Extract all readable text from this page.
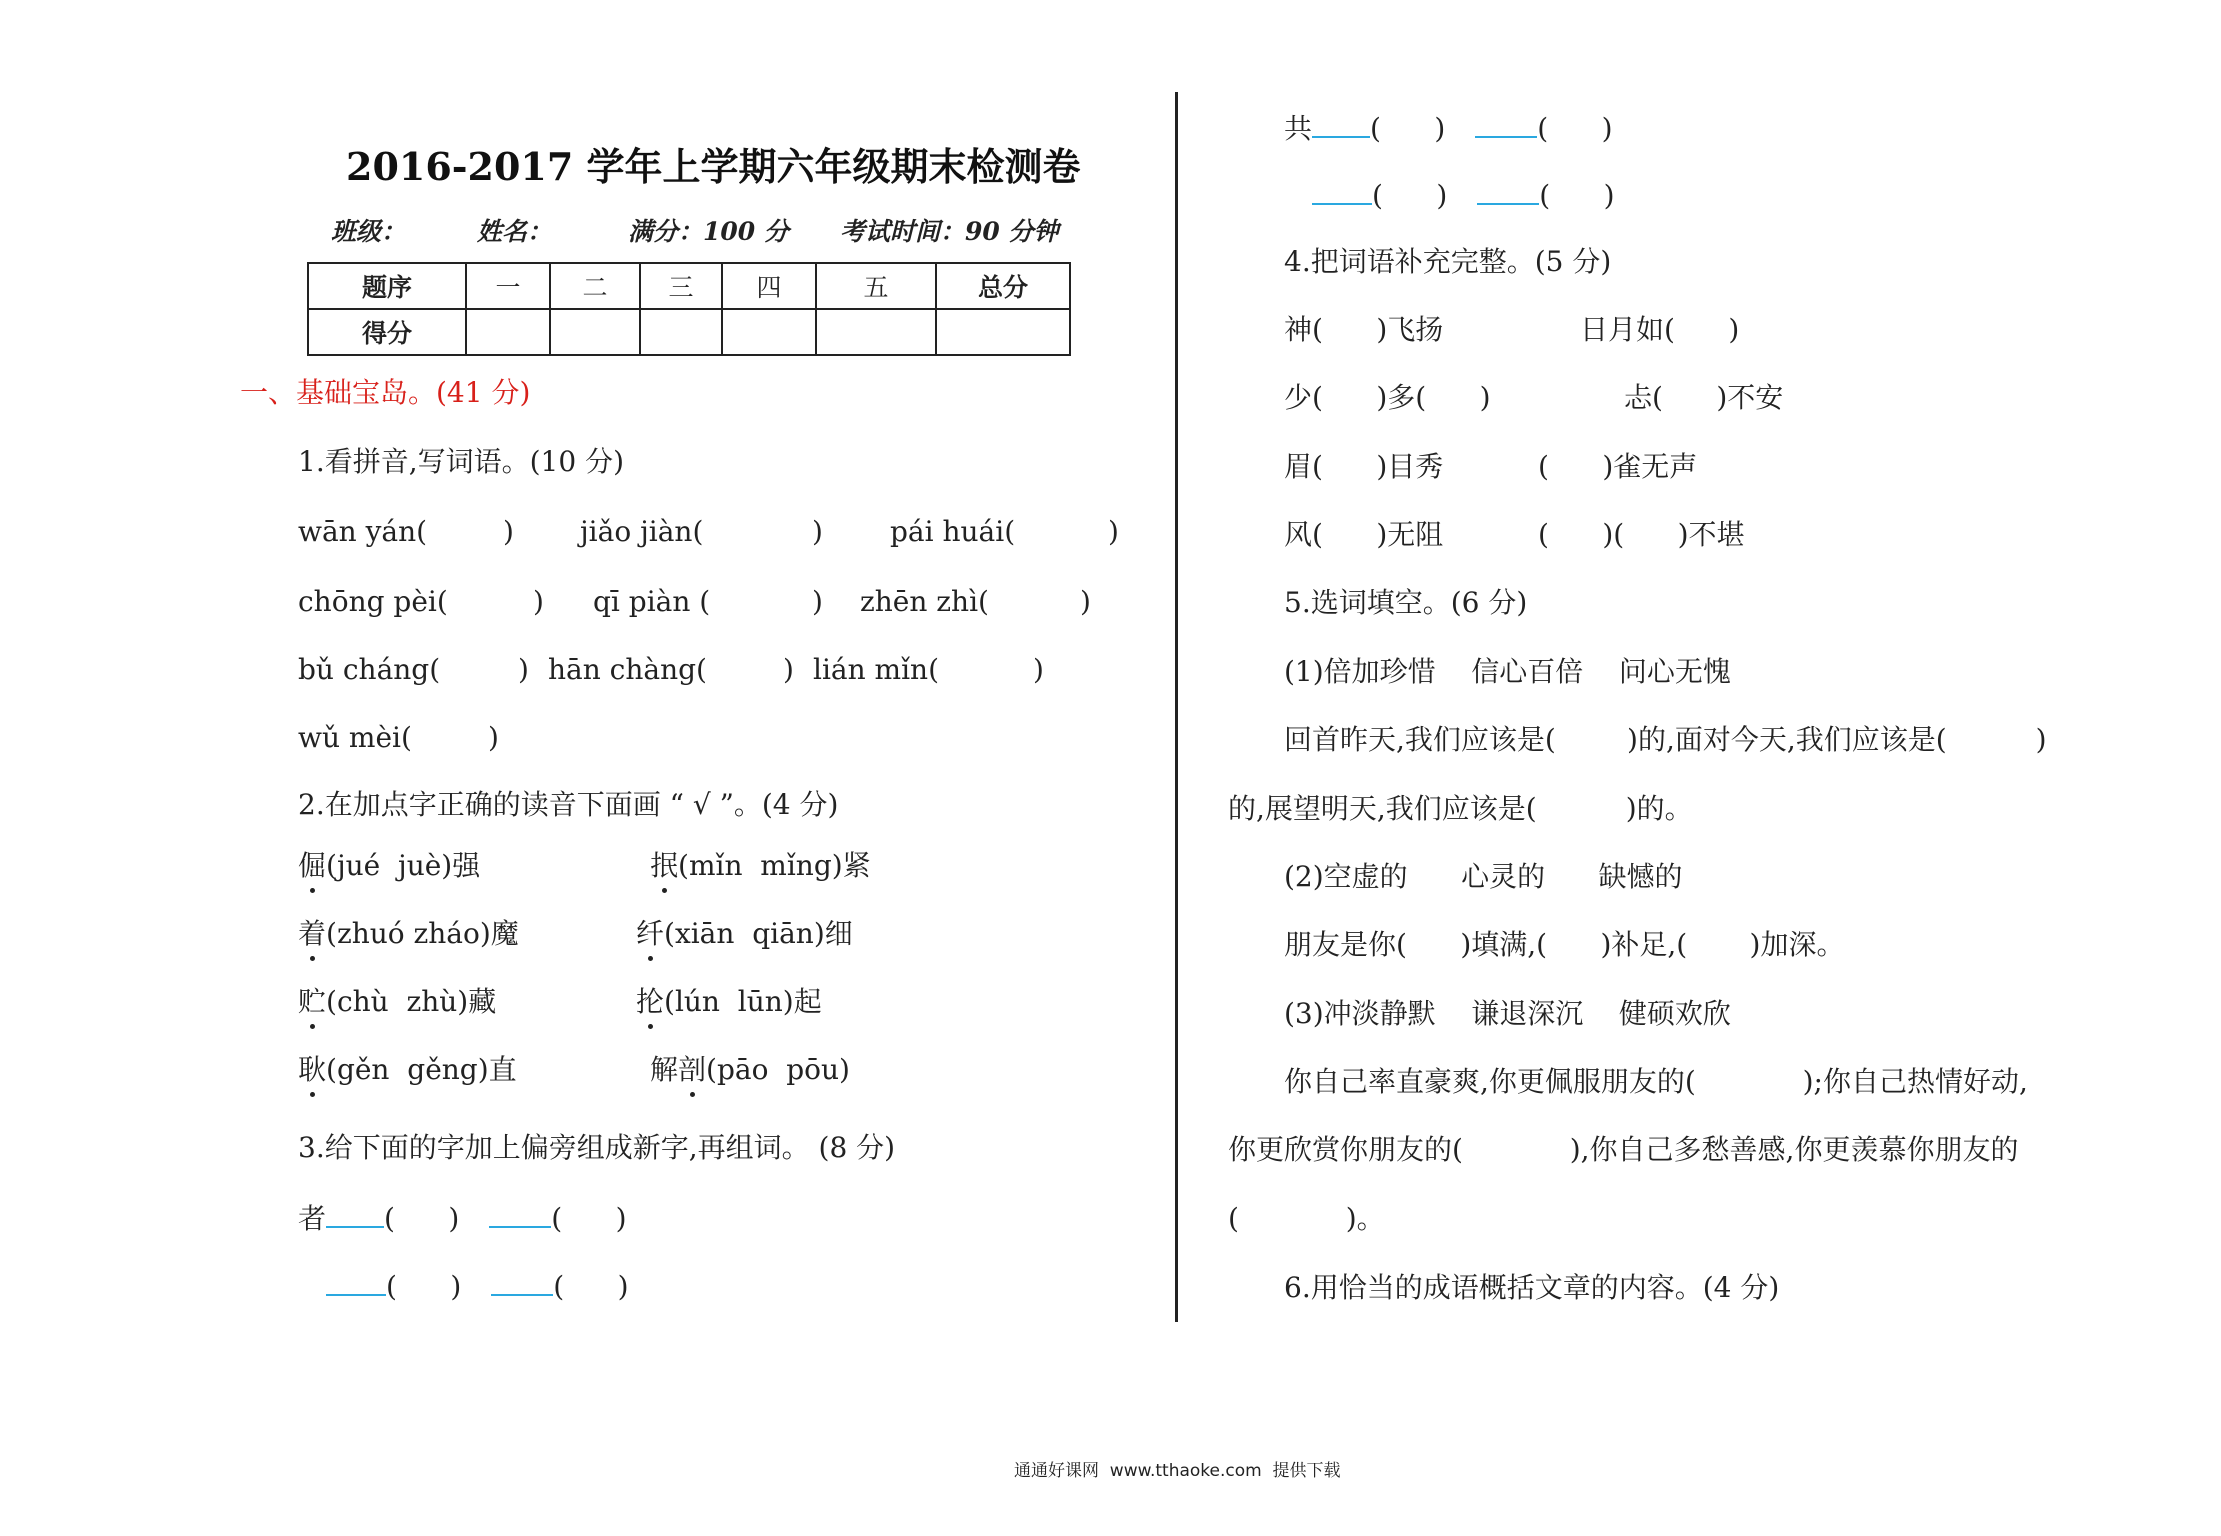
2016-2017 学年上学期六年级期末检测卷
班级：	姓名：	满分：100 分 考试时间：90 分钟
题序	一	二	三	四	五	总分
得分						
一、基础宝岛。(41 分)
1.看拼音,写词语。(10 分)
wān yán(	) jiǎo jiàn(	) pái huái(	)
chōng pèi(	) qī piàn (	) zhēn zhì(	)
bǔ cháng(	) hān chàng(	) lián mǐn(	)
wǔ mèi(	)
2.在加点字正确的读音下面画 “ √ ”。(4 分)
倔(jué  juè)强	抿(mǐn  mǐng)紧
着(zhuó zháo)魔	纤(xiān  qiān)细
贮(chù  zhù)藏	抡(lún  lūn)起
耿(gěn  gěng)直	解剖(pāo  pōu)
3.给下面的字加上偏旁组成新字,再组词。 (8 分)
者 (      )	(      )
(      )	(      )
共 (      )	(      )
(      )	(      )
4.把词语补充完整。(5 分)
神(      )飞扬	日月如(      )
少(      )多(      )	忐(      )不安
眉(      )目秀	(      )雀无声
风(      )无阻	(      )(      )不堪
5.选词填空。(6 分)
(1)倍加珍惜    信心百倍    问心无愧
回首昨天,我们应该是(        )的,面对今天,我们应该是(          )
的,展望明天,我们应该是(          )的。
(2)空虚的      心灵的      缺憾的
朋友是你(      )填满,(      )补足,(       )加深。
(3)冲淡静默    谦退深沉    健硕欢欣
你自己率直豪爽,你更佩服朋友的(            );你自己热情好动,
你更欣赏你朋友的(            ),你自己多愁善感,你更羡慕你朋友的
(            )。
6.用恰当的成语概括文章的内容。(4 分)
通通好课网  www.tthaoke.com  提供下载
